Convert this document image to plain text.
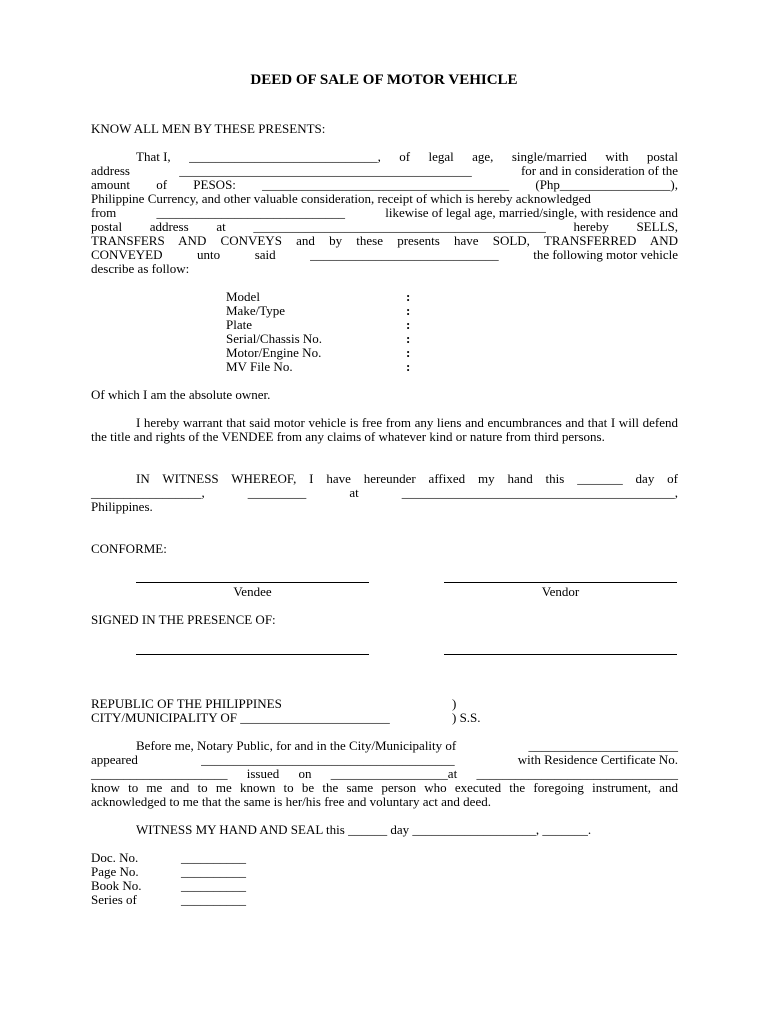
DEED OF SALE OF MOTOR VEHICLE
KNOW ALL MEN BY THESE PRESENTS:
That I, _____________________________, of legal age, single/married with postal
address	_____________________________________________	for and in consideration of the
amount of PESOS: ______________________________________ (Php_________________),
Philippine Currency, and other valuable consideration, receipt of which is hereby acknowledged
from	_____________________________	likewise of legal age, married/single, with residence and
postal address at _____________________________________________ hereby SELLS,
TRANSFERS AND CONVEYS and by these presents have SOLD, TRANSFERRED AND
CONVEYED	unto	said	_____________________________	the following motor vehicle
describe as follow:
Model	:
Make/Type	:
Plate	:
Serial/Chassis No.	:
Motor/Engine No.	:
MV File No.	:
Of which I am the absolute owner.
I hereby warrant that said motor vehicle is free from any liens and encumbrances and that I will defend the title and rights of the VENDEE from any claims of whatever kind or nature from third persons.
IN WITNESS WHEREOF, I have hereunder affixed my hand this _______ day of
_________________,	_________	at	__________________________________________,
Philippines.
CONFORME:
Vendee	Vendor
SIGNED IN THE PRESENCE OF:
REPUBLIC OF THE PHILIPPINES	)
CITY/MUNICIPALITY OF _______________________	) S.S.
Before me, Notary Public, for and in the City/Municipality of	_______________________
appeared	_______________________________________	with Residence Certificate No.
_____________________ issued on __________________at _______________________________
know to me and to me known to be the same person who executed the foregoing instrument, and
acknowledged to me that the same is her/his free and voluntary act and deed.
WITNESS MY HAND AND SEAL this ______ day ___________________, _______.
Doc. No.	__________
Page No.	__________
Book No.	__________
Series of	__________
